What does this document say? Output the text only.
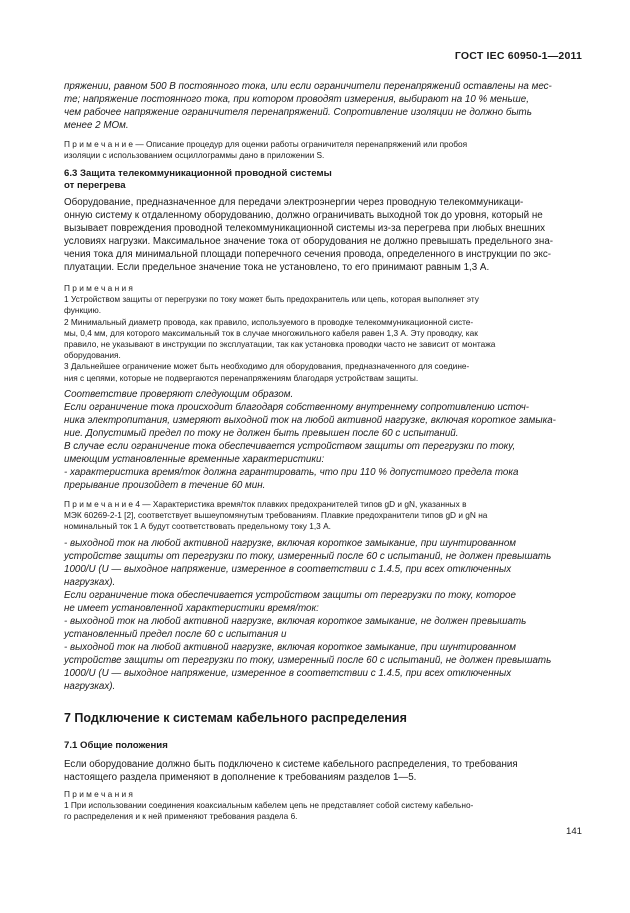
ГОСТ IEC 60950-1—2011
пряжении, равном 500 В постоянного тока, или если ограничители перенапряжений оставлены на мес-
те; напряжение постоянного тока, при котором проводят измерения, выбирают на 10 % меньше,
чем рабочее напряжение ограничителя перенапряжений. Сопротивление изоляции не должно быть
менее 2 МОм.
П р и м е ч а н и е — Описание процедур для оценки работы ограничителя перенапряжений или пробоя
изоляции с использованием осциллограммы дано в приложении S.
6.3 Защита телекоммуникационной проводной системы
от перегрева
Оборудование, предназначенное для передачи электроэнергии через проводную телекоммуникаци-
онную систему к отдаленному оборудованию, должно ограничивать выходной ток до уровня, который не
вызывает повреждения проводной телекоммуникационной системы из-за перегрева при любых внешних
условиях нагрузки. Максимальное значение тока от оборудования не должно превышать предельного зна-
чения тока для минимальной площади поперечного сечения провода, определенного в инструкции по экс-
плуатации. Если предельное значение тока не установлено, то его принимают равным 1,3 А.
П р и м е ч а н и я
1 Устройством защиты от перегрузки по току может быть предохранитель или цепь, которая выполняет эту
функцию.
2 Минимальный диаметр провода, как правило, используемого в проводке телекоммуникационной систе-
мы, 0,4 мм, для которого максимальный ток в случае многожильного кабеля равен 1,3 А. Эту проводку, как
правило, не указывают в инструкции по эксплуатации, так как установка проводки часто не зависит от монтажа
оборудования.
3 Дальнейшее ограничение может быть необходимо для оборудования, предназначенного для соедине-
ния с цепями, которые не подвергаются перенапряжениям благодаря устройствам защиты.
Соответствие проверяют следующим образом.
Если ограничение тока происходит благодаря собственному внутреннему сопротивлению источ-
ника электропитания, измеряют выходной ток на любой активной нагрузке, включая короткое замыка-
ние. Допустимый предел по току не должен быть превышен после 60 с испытаний.
В случае если ограничение тока обеспечивается устройством защиты от перегрузки по току,
имеющим установленные временные характеристики:
- характеристика время/ток должна гарантировать, что при 110 % допустимого предела тока
прерывание произойдет в течение 60 мин.
П р и м е ч а н и е 4 — Характеристика время/ток плавких предохранителей типов gD и gN, указанных в
МЭК 60269-2-1 [2], соответствует вышеупомянутым требованиям. Плавкие предохранители типов gD и gN на
номинальный ток 1 А будут соответствовать предельному току 1,3 А.
- выходной ток на любой активной нагрузке, включая короткое замыкание, при шунтированном
устройстве защиты от перегрузки по току, измеренный после 60 с испытаний, не должен превышать
1000/U (U — выходное напряжение, измеренное в соответствии с 1.4.5, при всех отключенных
нагрузках).
Если ограничение тока обеспечивается устройством защиты от перегрузки по току, которое
не имеет установленной характеристики время/ток:
- выходной ток на любой активной нагрузке, включая короткое замыкание, не должен превышать
установленный предел после 60 с испытания и
- выходной ток на любой активной нагрузке, включая короткое замыкание, при шунтированном
устройстве защиты от перегрузки по току, измеренный после 60 с испытаний, не должен превышать
1000/U (U — выходное напряжение, измеренное в соответствии с 1.4.5, при всех отключенных
нагрузках).
7 Подключение к системам кабельного распределения
7.1 Общие положения
Если оборудование должно быть подключено к системе кабельного распределения, то требования
настоящего раздела применяют в дополнение к требованиям разделов 1—5.
П р и м е ч а н и я
1 При использовании соединения коаксиальным кабелем цепь не представляет собой систему кабельно-
го распределения и к ней применяют требования раздела 6.
141
